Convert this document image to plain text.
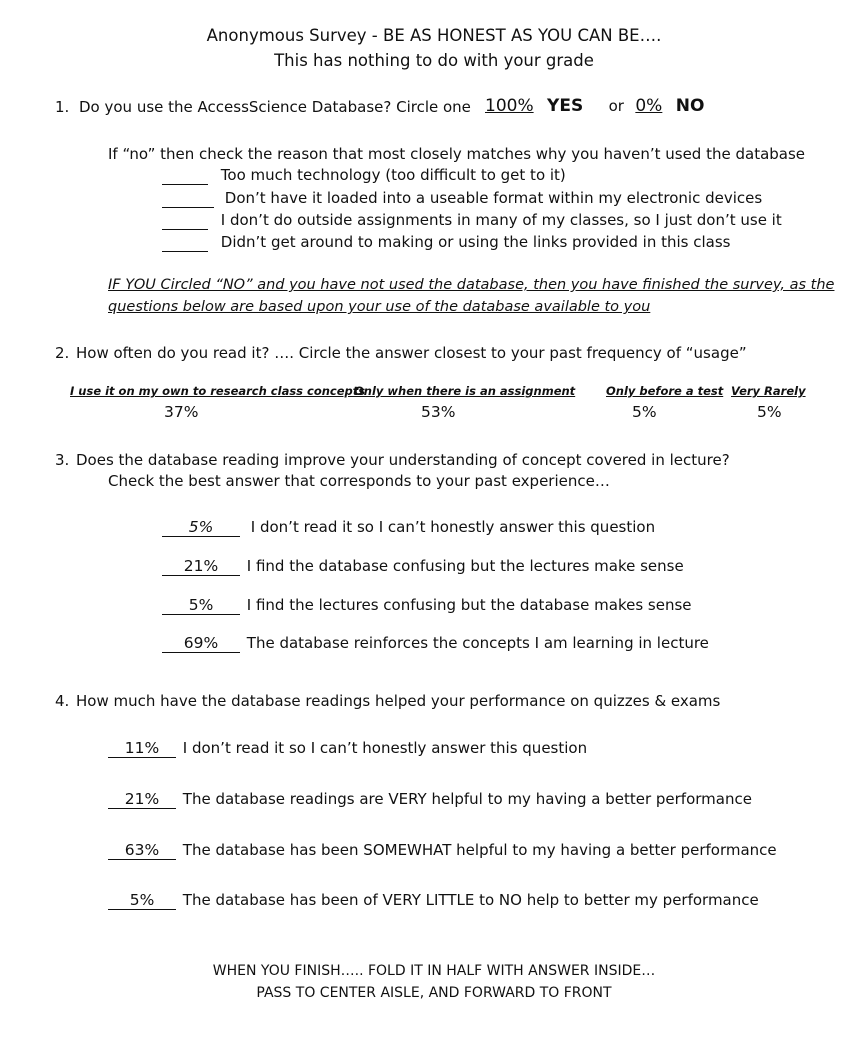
Anonymous Survey - BE AS HONEST AS YOU CAN BE….
This has nothing to do with your grade
1. Do you use the AccessScience Database? Circle one 100% YES or 0% NO
If “no” then check the reason that most closely matches why you haven’t used the database
Too much technology (too difficult to get to it)
Don’t have it loaded into a useable format within my electronic devices
I don’t do outside assignments in many of my classes, so I just don’t use it
Didn’t get around to making or using the links provided in this class
IF YOU Circled “NO” and you have not used the database, then you have finished the survey, as the
questions below are based upon your use of the database available to you
2. How often do you read it? …. Circle the answer closest to your past frequency of “usage”
I use it on my own to research class concepts
37%
Only when there is an assignment
53%
Only before a test
5%
Very Rarely
5%
3. Does the database reading improve your understanding of concept covered in lecture?
Check the best answer that corresponds to your past experience…
5% I don’t read it so I can’t honestly answer this question
21% I find the database confusing but the lectures make sense
5% I find the lectures confusing but the database makes sense
69% The database reinforces the concepts I am learning in lecture
4. How much have the database readings helped your performance on quizzes & exams
11% I don’t read it so I can’t honestly answer this question
21% The database readings are VERY helpful to my having a better performance
63% The database has been SOMEWHAT helpful to my having a better performance
5% The database has been of VERY LITTLE to NO help to better my performance
WHEN YOU FINISH….. FOLD IT IN HALF WITH ANSWER INSIDE…
PASS TO CENTER AISLE, AND FORWARD TO FRONT
